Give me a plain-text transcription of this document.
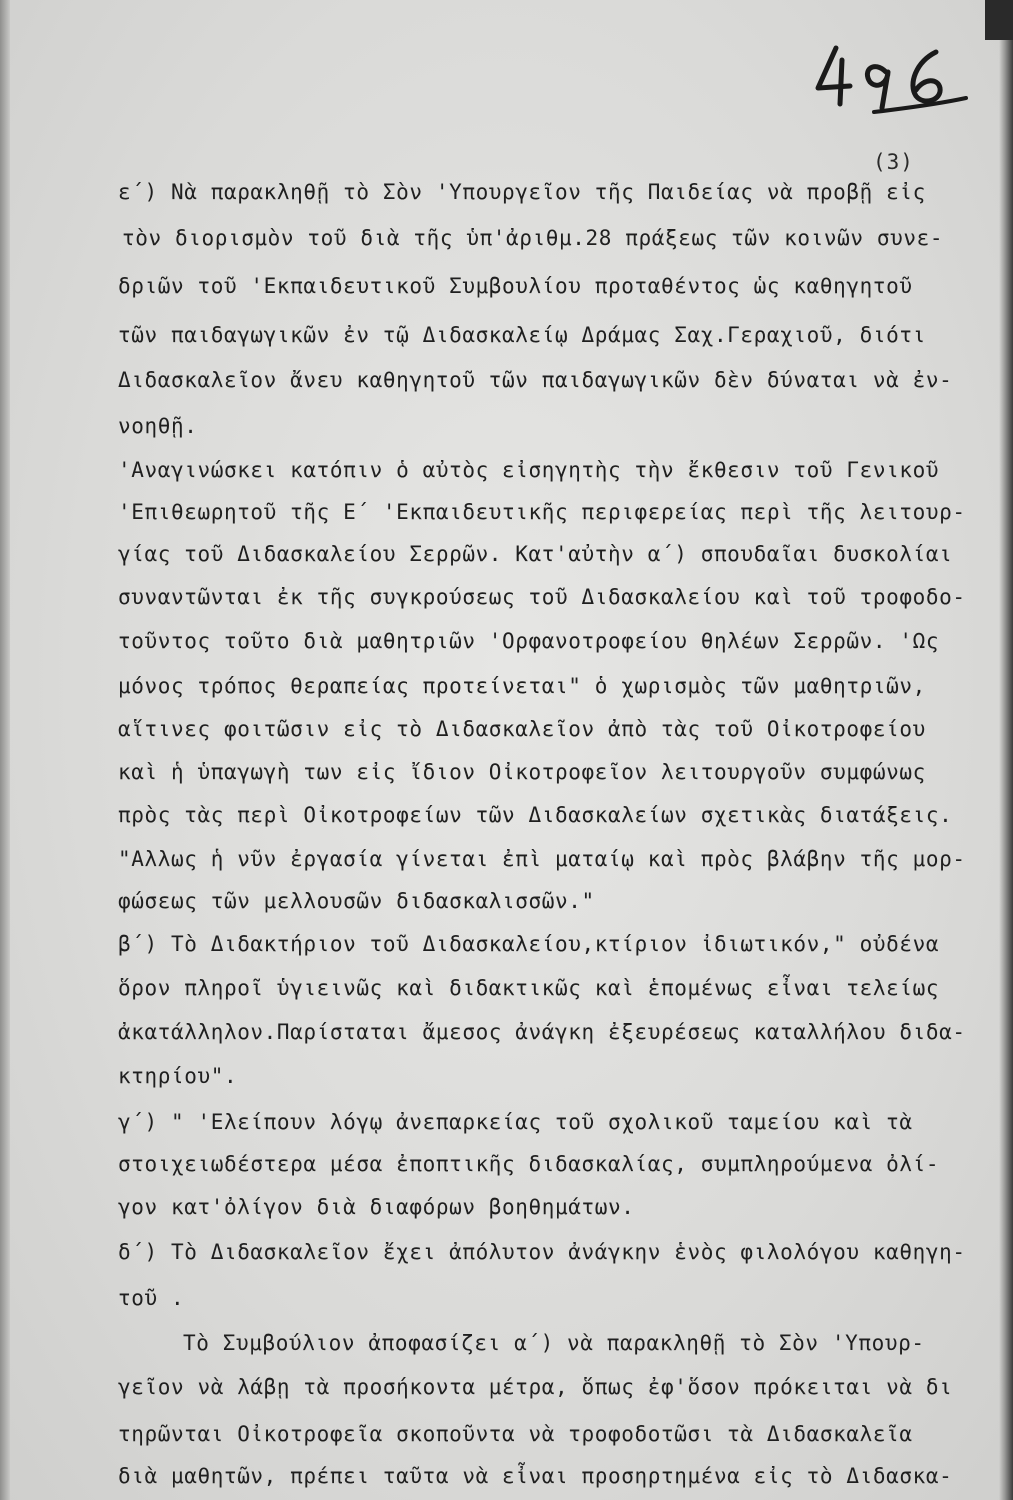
(3)
ε΄) Νὰ παρακληθῇ τὸ Σὸν 'Υπουργεῖον τῆς Παιδείας νὰ προβῇ εἰς
τὸν διορισμὸν τοῦ διὰ τῆς ὑπ'ἀριθμ.28 πράξεως τῶν κοινῶν συνε-
δριῶν τοῦ 'Εκπαιδευτικοῦ Συμβουλίου προταθέντος ὡς καθηγητοῦ
τῶν παιδαγωγικῶν ἐν τῷ Διδασκαλείῳ Δράμας Σαχ.Γεραχιοῦ, διότι
Διδασκαλεῖον ἄνευ καθηγητοῦ τῶν παιδαγωγικῶν δὲν δύναται νὰ ἐν-
νοηθῇ.
'Αναγινώσκει κατόπιν ὁ αὐτὸς εἰσηγητὴς τὴν ἔκθεσιν τοῦ Γενικοῦ
'Επιθεωρητοῦ τῆς Ε΄ 'Εκπαιδευτικῆς περιφερείας περὶ τῆς λειτουρ-
γίας τοῦ Διδασκαλείου Σερρῶν. Κατ'αὐτὴν α΄) σπουδαῖαι δυσκολίαι
συναντῶνται ἐκ τῆς συγκρούσεως τοῦ Διδασκαλείου καὶ τοῦ τροφοδο-
τοῦντος τοῦτο διὰ μαθητριῶν 'Ορφανοτροφείου θηλέων Σερρῶν. 'Ως
μόνος τρόπος θεραπείας προτείνεται" ὁ χωρισμὸς τῶν μαθητριῶν,
αἵτινες φοιτῶσιν εἰς τὸ Διδασκαλεῖον ἀπὸ τὰς τοῦ Οἰκοτροφείου
καὶ ἡ ὑπαγωγὴ των εἰς ἴδιον Οἰκοτροφεῖον λειτουργοῦν συμφώνως
πρὸς τὰς περὶ Οἰκοτροφείων τῶν Διδασκαλείων σχετικὰς διατάξεις.
"Αλλως ἡ νῦν ἐργασία γίνεται ἐπὶ ματαίῳ καὶ πρὸς βλάβην τῆς μορ-
φώσεως τῶν μελλουσῶν διδασκαλισσῶν."
β΄) Τὸ Διδακτήριον τοῦ Διδασκαλείου,κτίριον ἰδιωτικόν," οὐδένα
ὅρον πληροῖ ὑγιεινῶς καὶ διδακτικῶς καὶ ἑπομένως εἶναι τελείως
ἀκατάλληλον.Παρίσταται ἄμεσος ἀνάγκη ἐξευρέσεως καταλλήλου διδα-
κτηρίου".
γ΄) " 'Ελείπουν λόγῳ ἀνεπαρκείας τοῦ σχολικοῦ ταμείου καὶ τὰ
στοιχειωδέστερα μέσα ἐποπτικῆς διδασκαλίας, συμπληρούμενα ὀλί-
γον κατ'ὀλίγον διὰ διαφόρων βοηθημάτων.
δ΄) Τὸ Διδασκαλεῖον ἔχει ἀπόλυτον ἀνάγκην ἑνὸς φιλολόγου καθηγη-
τοῦ .
Τὸ Συμβούλιον ἀποφασίζει α΄) νὰ παρακληθῇ τὸ Σὸν 'Υπουρ-
γεῖον νὰ λάβῃ τὰ προσήκοντα μέτρα, ὅπως ἐφ'ὅσον πρόκειται νὰ δι
τηρῶνται Οἰκοτροφεῖα σκοποῦντα νὰ τροφοδοτῶσι τὰ Διδασκαλεῖα
διὰ μαθητῶν, πρέπει ταῦτα νὰ εἶναι προσηρτημένα εἰς τὸ Διδασκα-
